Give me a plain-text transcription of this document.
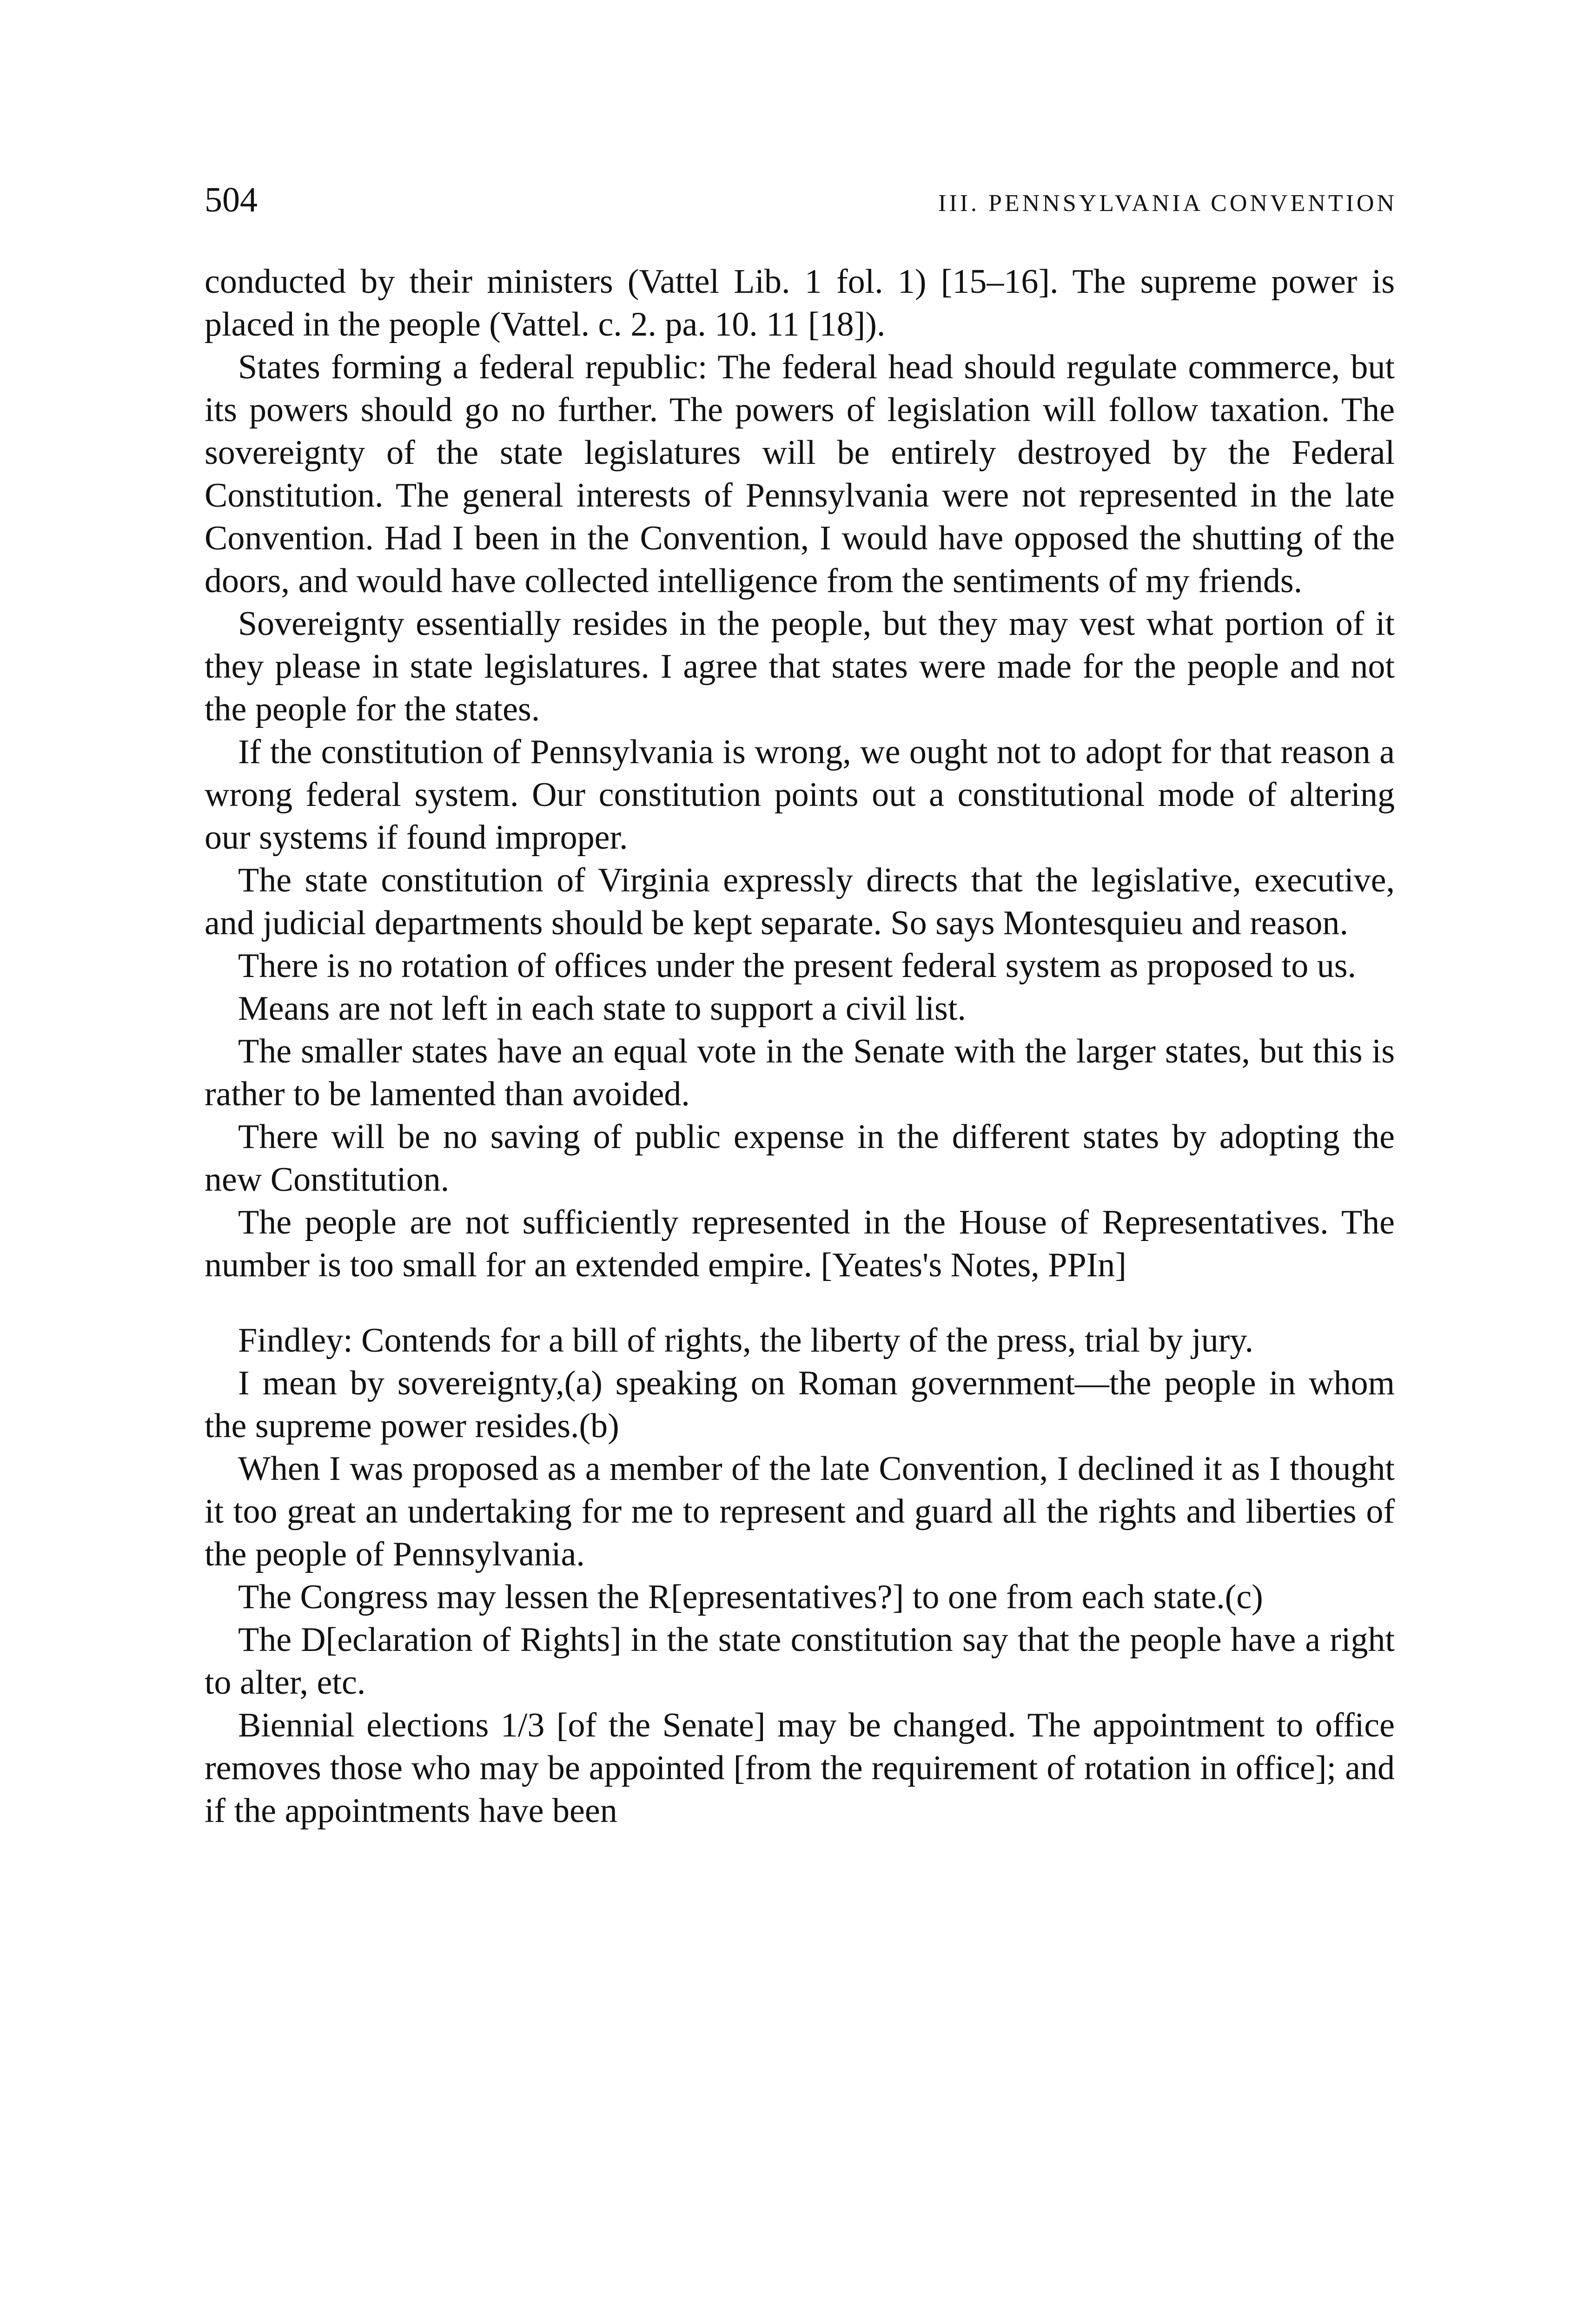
504	III. PENNSYLVANIA CONVENTION

conducted by their ministers (Vattel Lib. 1 fol. 1) [15–16]. The supreme power is placed in the people (Vattel. c. 2. pa. 10. 11 [18]).

States forming a federal republic: The federal head should regulate commerce, but its powers should go no further. The powers of legislation will follow taxation. The sovereignty of the state legislatures will be entirely destroyed by the Federal Constitution. The general interests of Pennsylvania were not represented in the late Convention. Had I been in the Convention, I would have opposed the shutting of the doors, and would have collected intelligence from the sentiments of my friends.

Sovereignty essentially resides in the people, but they may vest what portion of it they please in state legislatures. I agree that states were made for the people and not the people for the states.

If the constitution of Pennsylvania is wrong, we ought not to adopt for that reason a wrong federal system. Our constitution points out a constitutional mode of altering our systems if found improper.

The state constitution of Virginia expressly directs that the legislative, executive, and judicial departments should be kept separate. So says Montesquieu and reason.

There is no rotation of offices under the present federal system as proposed to us.

Means are not left in each state to support a civil list.

The smaller states have an equal vote in the Senate with the larger states, but this is rather to be lamented than avoided.

There will be no saving of public expense in the different states by adopting the new Constitution.

The people are not sufficiently represented in the House of Representatives. The number is too small for an extended empire. [Yeates's Notes, PPIn]

Findley: Contends for a bill of rights, the liberty of the press, trial by jury.

I mean by sovereignty,(a) speaking on Roman government—the people in whom the supreme power resides.(b)

When I was proposed as a member of the late Convention, I declined it as I thought it too great an undertaking for me to represent and guard all the rights and liberties of the people of Pennsylvania.

The Congress may lessen the R[epresentatives?] to one from each state.(c)

The D[eclaration of Rights] in the state constitution say that the people have a right to alter, etc.

Biennial elections 1/3 [of the Senate] may be changed. The appointment to office removes those who may be appointed [from the requirement of rotation in office]; and if the appointments have been
